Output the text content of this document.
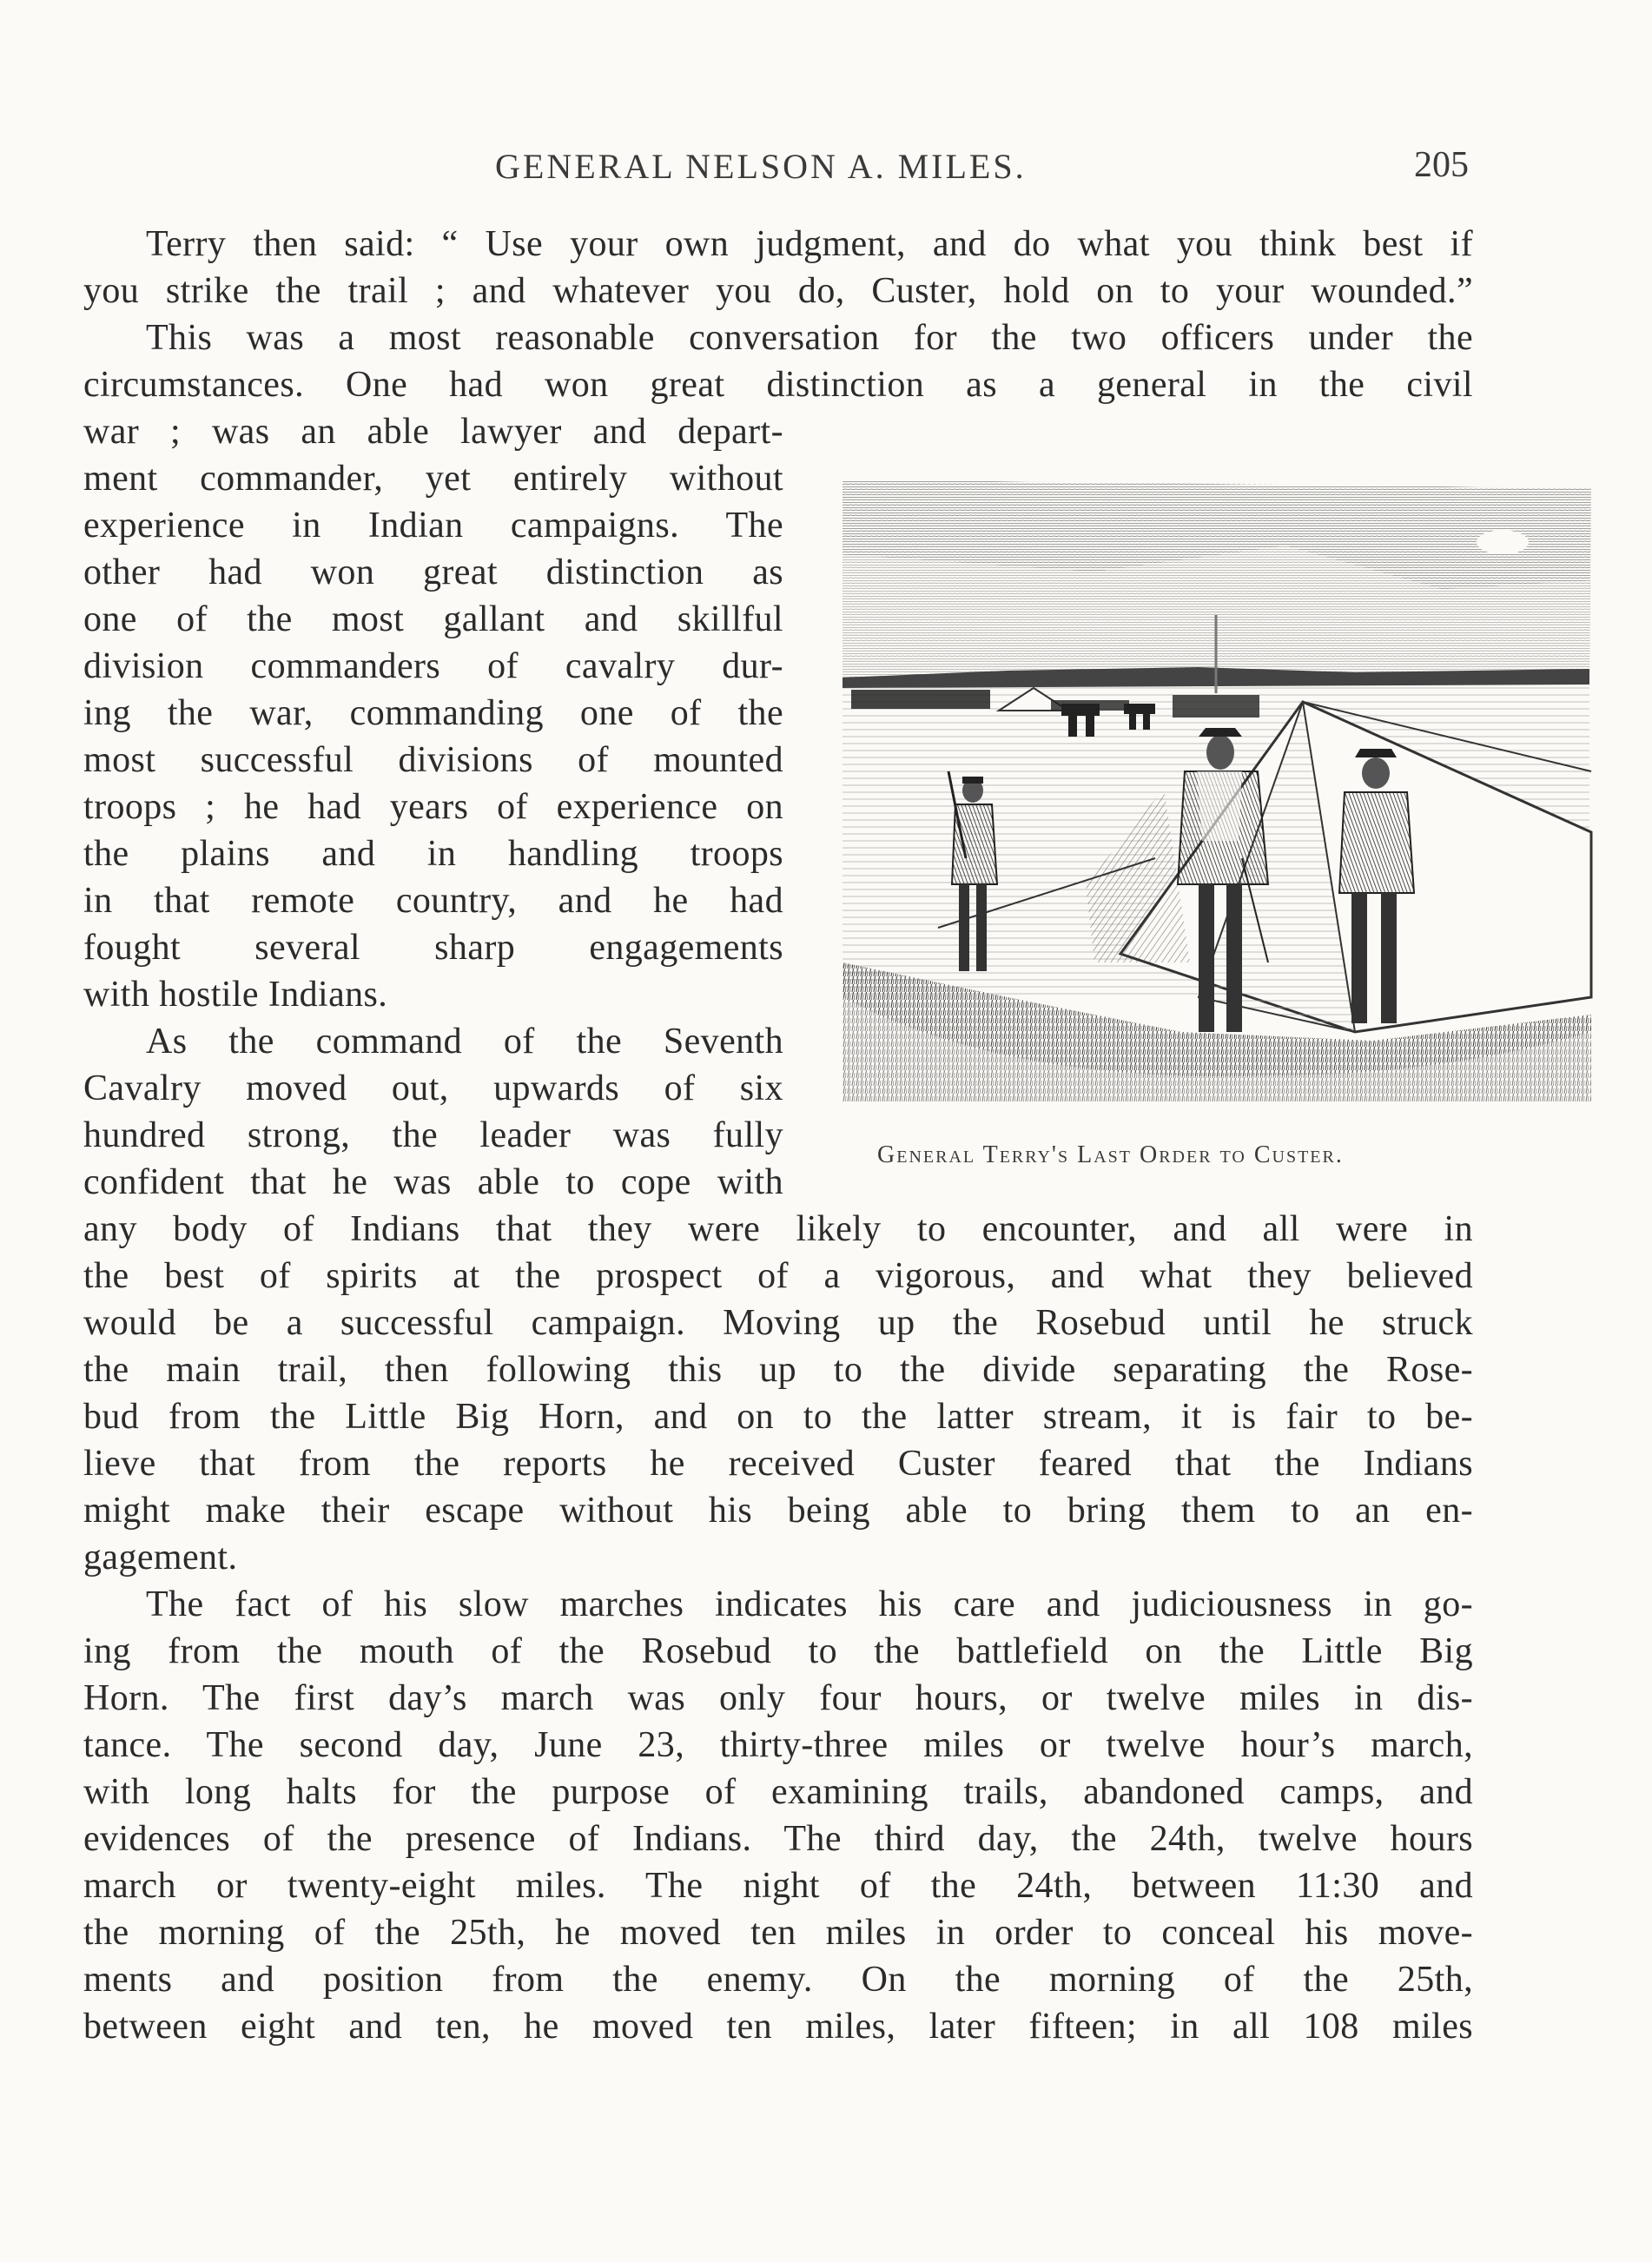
GENERAL NELSON A. MILES.	205
Terry then said: “ Use your own judgment, and do what you think best if
you strike the trail ; and whatever you do, Custer, hold on to your wounded.”
This was a most reasonable conversation for the two officers under the
circumstances. One had won great distinction as a general in the civil
war ; was an able lawyer and depart-
ment commander, yet entirely without
experience in Indian campaigns. The
other had won great distinction as
one of the most gallant and skillful
division commanders of cavalry dur-
ing the war, commanding one of the
most successful divisions of mounted
troops ; he had years of experience on
the plains and in handling troops
in that remote country, and he had
fought several sharp engagements
with hostile Indians.
As the command of the Seventh
Cavalry moved out, upwards of six
hundred strong, the leader was fully
confident that he was able to cope with
any body of Indians that they were likely to encounter, and all were in
the best of spirits at the prospect of a vigorous, and what they believed
would be a successful campaign. Moving up the Rosebud until he struck
the main trail, then following this up to the divide separating the Rose-
bud from the Little Big Horn, and on to the latter stream, it is fair to be-
lieve that from the reports he received Custer feared that the Indians
might make their escape without his being able to bring them to an en-
gagement.
The fact of his slow marches indicates his care and judiciousness in go-
ing from the mouth of the Rosebud to the battlefield on the Little Big
Horn. The first day’s march was only four hours, or twelve miles in dis-
tance. The second day, June 23, thirty-three miles or twelve hour’s march,
with long halts for the purpose of examining trails, abandoned camps, and
evidences of the presence of Indians. The third day, the 24th, twelve hours
march or twenty-eight miles. The night of the 24th, between 11:30 and
the morning of the 25th, he moved ten miles in order to conceal his move-
ments and position from the enemy. On the morning of the 25th,
between eight and ten, he moved ten miles, later fifteen; in all 108 miles
General Terry's Last Order to Custer.
